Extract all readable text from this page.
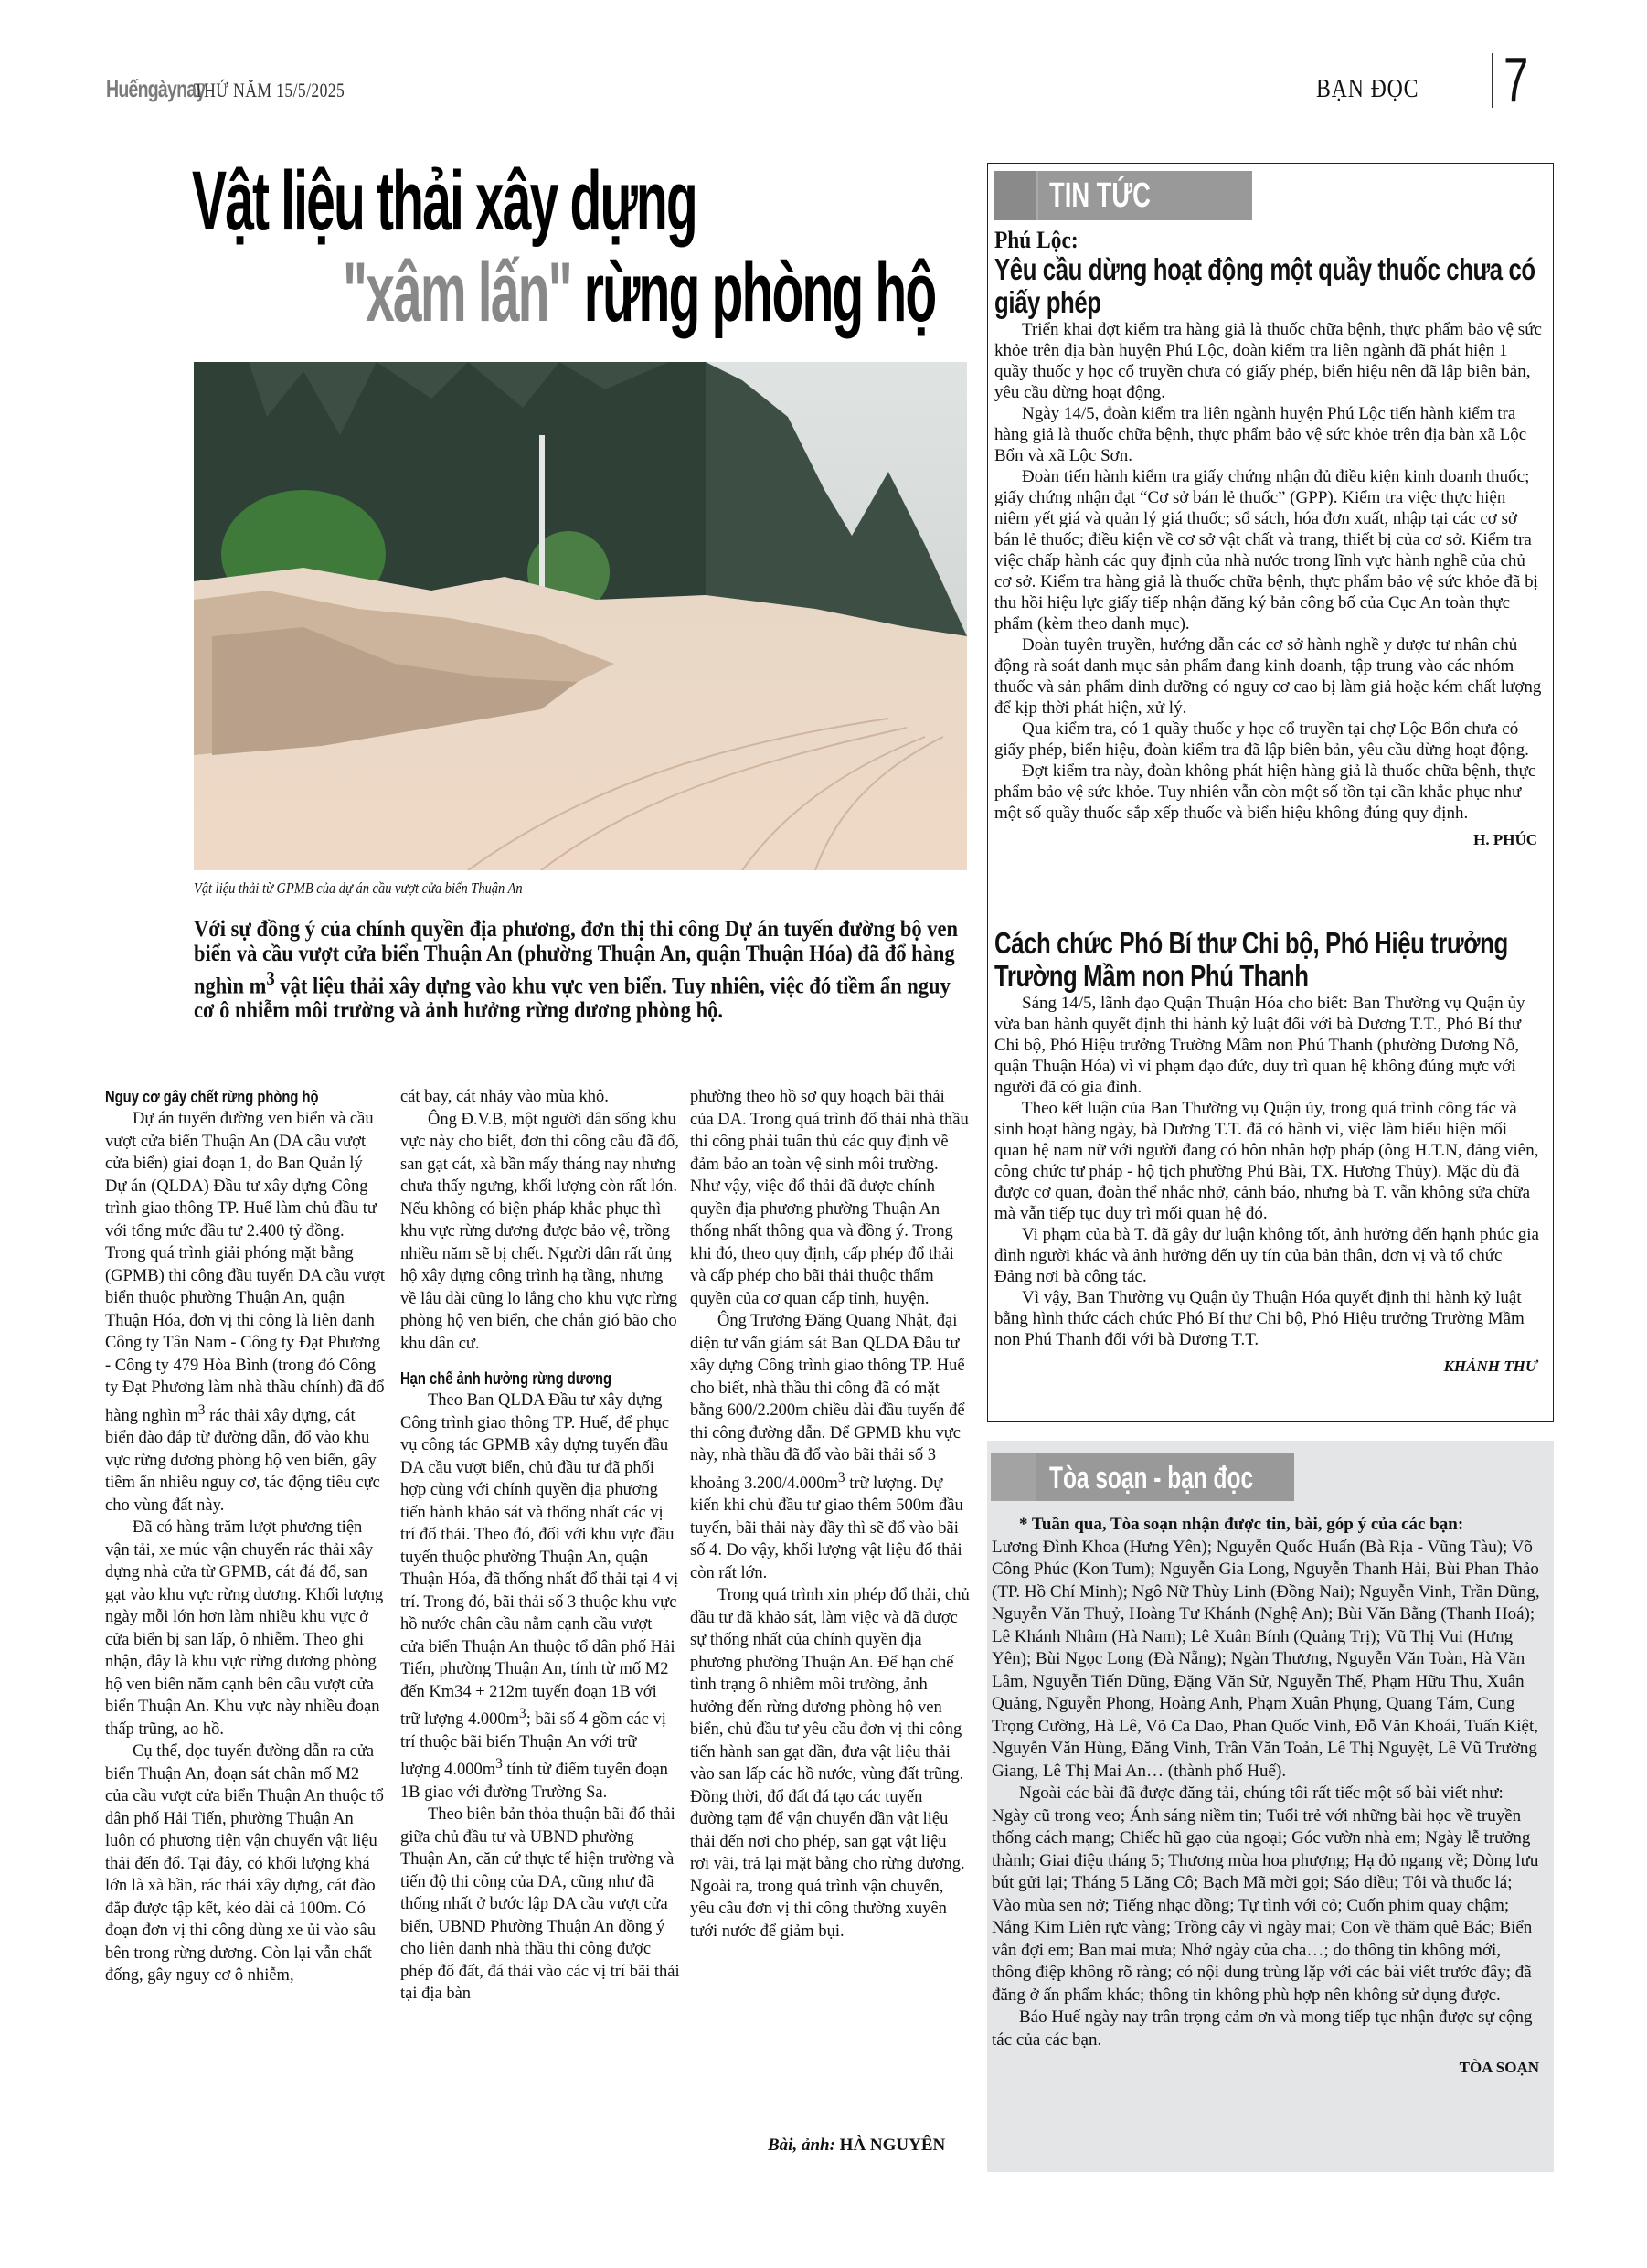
Huếngàynay
THỨ NĂM 15/5/2025	BẠN ĐỌC 7
Vật liệu thải xây dựng
"xâm lấn" rừng phòng hộ
Vật liệu thải từ GPMB của dự án cầu vượt cửa biển Thuận An
Với sự đồng ý của chính quyền địa phương, đơn thị thi công Dự án tuyến đường bộ ven biển và cầu vượt cửa biển Thuận An (phường Thuận An, quận Thuận Hóa) đã đổ hàng nghìn $m^3$ vật liệu thải xây dựng vào khu vực ven biển. Tuy nhiên, việc đó tiềm ẩn nguy cơ ô nhiễm môi trường và ảnh hưởng rừng dương phòng hộ.
Nguy cơ gây chết rừng phòng hộ

Dự án tuyến đường ven biển và cầu vượt cửa biển Thuận An (DA cầu vượt cửa biển) giai đoạn 1, do Ban Quản lý Dự án (QLDA) Đầu tư xây dựng Công trình giao thông TP. Huế làm chủ đầu tư với tổng mức đầu tư 2.400 tỷ đồng. Trong quá trình giải phóng mặt bằng (GPMB) thi công đầu tuyến DA cầu vượt biển thuộc phường Thuận An, quận Thuận Hóa, đơn vị thi công là liên danh Công ty Tân Nam - Công ty Đạt Phương - Công ty 479 Hòa Bình (trong đó Công ty Đạt Phương làm nhà thầu chính) đã đổ hàng nghìn $m^3$ rác thải xây dựng, cát biển đào đắp từ đường dẫn, đổ vào khu vực rừng dương phòng hộ ven biển, gây tiềm ẩn nhiều nguy cơ, tác động tiêu cực cho vùng đất này.

Đã có hàng trăm lượt phương tiện vận tải, xe múc vận chuyển rác thải xây dựng nhà cửa từ GPMB, cát đá đổ, san gạt vào khu vực rừng dương. Khối lượng ngày mỗi lớn hơn làm nhiều khu vực ở cửa biển bị san lấp, ô nhiễm. Theo ghi nhận, đây là khu vực rừng dương phòng hộ ven biển nằm cạnh bên cầu vượt cửa biển Thuận An. Khu vực này nhiều đoạn thấp trũng, ao hồ.

Cụ thể, dọc tuyến đường dẫn ra cửa biển Thuận An, đoạn sát chân mố M2 của cầu vượt cửa biển Thuận An thuộc tổ dân phố Hải Tiến, phường Thuận An luôn có phương tiện vận chuyển vật liệu thải đến đổ. Tại đây, có khối lượng khá lớn là xà bần, rác thải xây dựng, cát đào đắp được tập kết, kéo dài cả 100m. Có đoạn đơn vị thi công dùng xe ủi vào sâu bên trong rừng dương. Còn lại vẫn chất đống, gây nguy cơ ô nhiễm,

cát bay, cát nhảy vào mùa khô.

Ông Đ.V.B, một người dân sống khu vực này cho biết, đơn thi công cầu đã đổ, san gạt cát, xà bần mấy tháng nay nhưng chưa thấy ngưng, khối lượng còn rất lớn. Nếu không có biện pháp khắc phục thì khu vực rừng dương được bảo vệ, trồng nhiều năm sẽ bị chết. Người dân rất ủng hộ xây dựng công trình hạ tầng, nhưng về lâu dài cũng lo lắng cho khu vực rừng phòng hộ ven biển, che chắn gió bão cho khu dân cư.

Hạn chế ảnh hưởng rừng dương

Theo Ban QLDA Đầu tư xây dựng Công trình giao thông TP. Huế, để phục vụ công tác GPMB xây dựng tuyến đầu DA cầu vượt biển, chủ đầu tư đã phối hợp cùng với chính quyền địa phương tiến hành khảo sát và thống nhất các vị trí đổ thải. Theo đó, đối với khu vực đầu tuyến thuộc phường Thuận An, quận Thuận Hóa, đã thống nhất đổ thải tại 4 vị trí. Trong đó, bãi thải số 3 thuộc khu vực hồ nước chân cầu nằm cạnh cầu vượt cửa biển Thuận An thuộc tổ dân phố Hải Tiến, phường Thuận An, tính từ mố M2 đến Km34 + 212m tuyến đoạn 1B với trữ lượng $4.000m^3$; bãi số 4 gồm các vị trí thuộc bãi biển Thuận An với trữ lượng $4.000m^3$ tính từ điểm tuyến đoạn 1B giao với đường Trường Sa.

Theo biên bản thỏa thuận bãi đổ thải giữa chủ đầu tư và UBND phường Thuận An, căn cứ thực tế hiện trường và tiến độ thi công của DA, cũng như đã thống nhất ở bước lập DA cầu vượt cửa biển, UBND Phường Thuận An đồng ý cho liên danh nhà thầu thi công được phép đổ đất, đá thải vào các vị trí bãi thải tại địa bàn

phường theo hồ sơ quy hoạch bãi thải của DA. Trong quá trình đổ thải nhà thầu thi công phải tuân thủ các quy định về đảm bảo an toàn vệ sinh môi trường. Như vậy, việc đổ thải đã được chính quyền địa phương phường Thuận An thống nhất thông qua và đồng ý. Trong khi đó, theo quy định, cấp phép đổ thải và cấp phép cho bãi thải thuộc thẩm quyền của cơ quan cấp tỉnh, huyện.

Ông Trương Đăng Quang Nhật, đại diện tư vấn giám sát Ban QLDA Đầu tư xây dựng Công trình giao thông TP. Huế cho biết, nhà thầu thi công đã có mặt bằng 600/2.200m chiều dài đầu tuyến để thi công đường dẫn. Để GPMB khu vực này, nhà thầu đã đổ vào bãi thải số 3 khoảng $3.200/4.000m^3$ trữ lượng. Dự kiến khi chủ đầu tư giao thêm 500m đầu tuyến, bãi thải này đầy thì sẽ đổ vào bãi số 4. Do vậy, khối lượng vật liệu đổ thải còn rất lớn.

Trong quá trình xin phép đổ thải, chủ đầu tư đã khảo sát, làm việc và đã được sự thống nhất của chính quyền địa phương phường Thuận An. Để hạn chế tình trạng ô nhiễm môi trường, ảnh hưởng đến rừng dương phòng hộ ven biển, chủ đầu tư yêu cầu đơn vị thi công tiến hành san gạt dần, đưa vật liệu thải vào san lấp các hồ nước, vùng đất trũng. Đồng thời, đổ đất đá tạo các tuyến đường tạm để vận chuyển dần vật liệu thải đến nơi cho phép, san gạt vật liệu rơi vãi, trả lại mặt bằng cho rừng dương. Ngoài ra, trong quá trình vận chuyển, yêu cầu đơn vị thi công thường xuyên tưới nước để giảm bụi.

Bài, ảnh: HÀ NGUYÊN
TIN TỨC
Phú Lộc:
Yêu cầu dừng hoạt động một quầy thuốc chưa có giấy phép

Triển khai đợt kiểm tra hàng giả là thuốc chữa bệnh, thực phẩm bảo vệ sức khỏe trên địa bàn huyện Phú Lộc, đoàn kiểm tra liên ngành đã phát hiện 1 quầy thuốc y học cổ truyền chưa có giấy phép, biển hiệu nên đã lập biên bản, yêu cầu dừng hoạt động.

Ngày 14/5, đoàn kiểm tra liên ngành huyện Phú Lộc tiến hành kiểm tra hàng giả là thuốc chữa bệnh, thực phẩm bảo vệ sức khỏe trên địa bàn xã Lộc Bổn và xã Lộc Sơn.

Đoàn tiến hành kiểm tra giấy chứng nhận đủ điều kiện kinh doanh thuốc; giấy chứng nhận đạt “Cơ sở bán lẻ thuốc” (GPP). Kiểm tra việc thực hiện niêm yết giá và quản lý giá thuốc; sổ sách, hóa đơn xuất, nhập tại các cơ sở bán lẻ thuốc; điều kiện về cơ sở vật chất và trang, thiết bị của cơ sở. Kiểm tra việc chấp hành các quy định của nhà nước trong lĩnh vực hành nghề của chủ cơ sở. Kiểm tra hàng giả là thuốc chữa bệnh, thực phẩm bảo vệ sức khỏe đã bị thu hồi hiệu lực giấy tiếp nhận đăng ký bản công bố của Cục An toàn thực phẩm (kèm theo danh mục).

Đoàn tuyên truyền, hướng dẫn các cơ sở hành nghề y dược tư nhân chủ động rà soát danh mục sản phẩm đang kinh doanh, tập trung vào các nhóm thuốc và sản phẩm dinh dưỡng có nguy cơ cao bị làm giả hoặc kém chất lượng để kịp thời phát hiện, xử lý.

Qua kiểm tra, có 1 quầy thuốc y học cổ truyền tại chợ Lộc Bổn chưa có giấy phép, biển hiệu, đoàn kiểm tra đã lập biên bản, yêu cầu dừng hoạt động.

Đợt kiểm tra này, đoàn không phát hiện hàng giả là thuốc chữa bệnh, thực phẩm bảo vệ sức khỏe. Tuy nhiên vẫn còn một số tồn tại cần khắc phục như một số quầy thuốc sắp xếp thuốc và biển hiệu không đúng quy định.

H. PHÚC
Cách chức Phó Bí thư Chi bộ, Phó Hiệu trưởng Trường Mầm non Phú Thanh

Sáng 14/5, lãnh đạo Quận Thuận Hóa cho biết: Ban Thường vụ Quận ủy vừa ban hành quyết định thi hành kỷ luật đối với bà Dương T.T., Phó Bí thư Chi bộ, Phó Hiệu trưởng Trường Mầm non Phú Thanh (phường Dương Nỗ, quận Thuận Hóa) vì vi phạm đạo đức, duy trì quan hệ không đúng mực với người đã có gia đình.

Theo kết luận của Ban Thường vụ Quận ủy, trong quá trình công tác và sinh hoạt hàng ngày, bà Dương T.T. đã có hành vi, việc làm biểu hiện mối quan hệ nam nữ với người đang có hôn nhân hợp pháp (ông H.T.N, đảng viên, công chức tư pháp - hộ tịch phường Phú Bài, TX. Hương Thủy). Mặc dù đã được cơ quan, đoàn thể nhắc nhở, cảnh báo, nhưng bà T. vẫn không sửa chữa mà vẫn tiếp tục duy trì mối quan hệ đó.

Vi phạm của bà T. đã gây dư luận không tốt, ảnh hưởng đến hạnh phúc gia đình người khác và ảnh hưởng đến uy tín của bản thân, đơn vị và tổ chức Đảng nơi bà công tác.

Vì vậy, Ban Thường vụ Quận ủy Thuận Hóa quyết định thi hành kỷ luật bằng hình thức cách chức Phó Bí thư Chi bộ, Phó Hiệu trưởng Trường Mầm non Phú Thanh đối với bà Dương T.T.

KHÁNH THƯ
Tòa soạn - bạn đọc

* Tuần qua, Tòa soạn nhận được tin, bài, góp ý của các bạn:

Lương Đình Khoa (Hưng Yên); Nguyễn Quốc Huấn (Bà Rịa - Vũng Tàu); Võ Công Phúc (Kon Tum); Nguyễn Gia Long, Nguyễn Thanh Hải, Bùi Phan Thảo (TP. Hồ Chí Minh); Ngô Nữ Thùy Linh (Đồng Nai); Nguyễn Vinh, Trần Dũng, Nguyễn Văn Thuỷ, Hoàng Tư Khánh (Nghệ An); Bùi Văn Bằng (Thanh Hoá); Lê Khánh Nhâm (Hà Nam); Lê Xuân Bính (Quảng Trị); Vũ Thị Vui (Hưng Yên); Bùi Ngọc Long (Đà Nẵng); Ngàn Thương, Nguyễn Văn Toàn, Hà Văn Lâm, Nguyễn Tiến Dũng, Đặng Văn Sử, Nguyễn Thế, Phạm Hữu Thu, Xuân Quảng, Nguyễn Phong, Hoàng Anh, Phạm Xuân Phụng, Quang Tám, Cung Trọng Cường, Hà Lê, Võ Ca Dao, Phan Quốc Vinh, Đỗ Văn Khoái, Tuấn Kiệt, Nguyễn Văn Hùng, Đăng Vinh, Trần Văn Toản, Lê Thị Nguyệt, Lê Vũ Trường Giang, Lê Thị Mai An… (thành phố Huế).

Ngoài các bài đã được đăng tải, chúng tôi rất tiếc một số bài viết như: Ngày cũ trong veo; Ánh sáng niềm tin; Tuổi trẻ với những bài học về truyền thống cách mạng; Chiếc hũ gạo của ngoại; Góc vườn nhà em; Ngày lễ trưởng thành; Giai điệu tháng 5; Thương mùa hoa phượng; Hạ đỏ ngang về; Dòng lưu bút gửi lại; Tháng 5 Lăng Cô; Bạch Mã mời gọi; Sáo diều; Tôi và thuốc lá; Vào mùa sen nở; Tiếng nhạc đồng; Tự tình với cỏ; Cuốn phim quay chậm; Nắng Kim Liên rực vàng; Trồng cây vì ngày mai; Con về thăm quê Bác; Biển vẫn đợi em; Ban mai mưa; Nhớ ngày của cha…; do thông tin không mới, thông điệp không rõ ràng; có nội dung trùng lặp với các bài viết trước đây; đã đăng ở ấn phẩm khác; thông tin không phù hợp nên không sử dụng được.

Báo Huế ngày nay trân trọng cảm ơn và mong tiếp tục nhận được sự cộng tác của các bạn.

TÒA SOẠN
